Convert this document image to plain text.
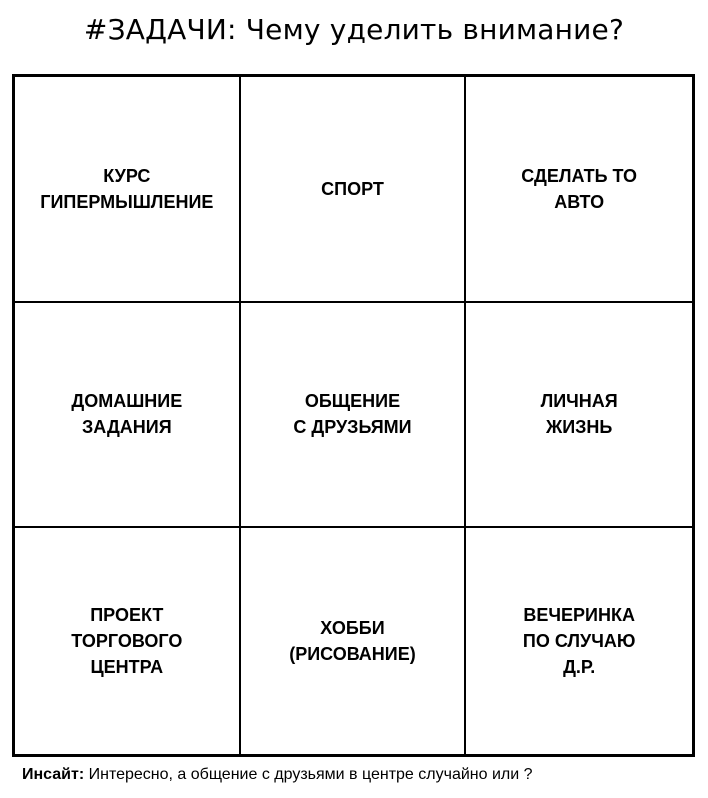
#ЗАДАЧИ: Чему уделить внимание?
КУРС
ГИПЕРМЫШЛЕНИЕ
СПОРТ
СДЕЛАТЬ ТО
АВТО
ДОМАШНИЕ
ЗАДАНИЯ
ОБЩЕНИЕ
С ДРУЗЬЯМИ
ЛИЧНАЯ
ЖИЗНЬ
ПРОЕКТ
ТОРГОВОГО
ЦЕНТРА
ХОББИ
(РИСОВАНИЕ)
ВЕЧЕРИНКА
ПО СЛУЧАЮ
Д.Р.
Инсайт: Интересно, а общение с друзьями в центре случайно или ?
